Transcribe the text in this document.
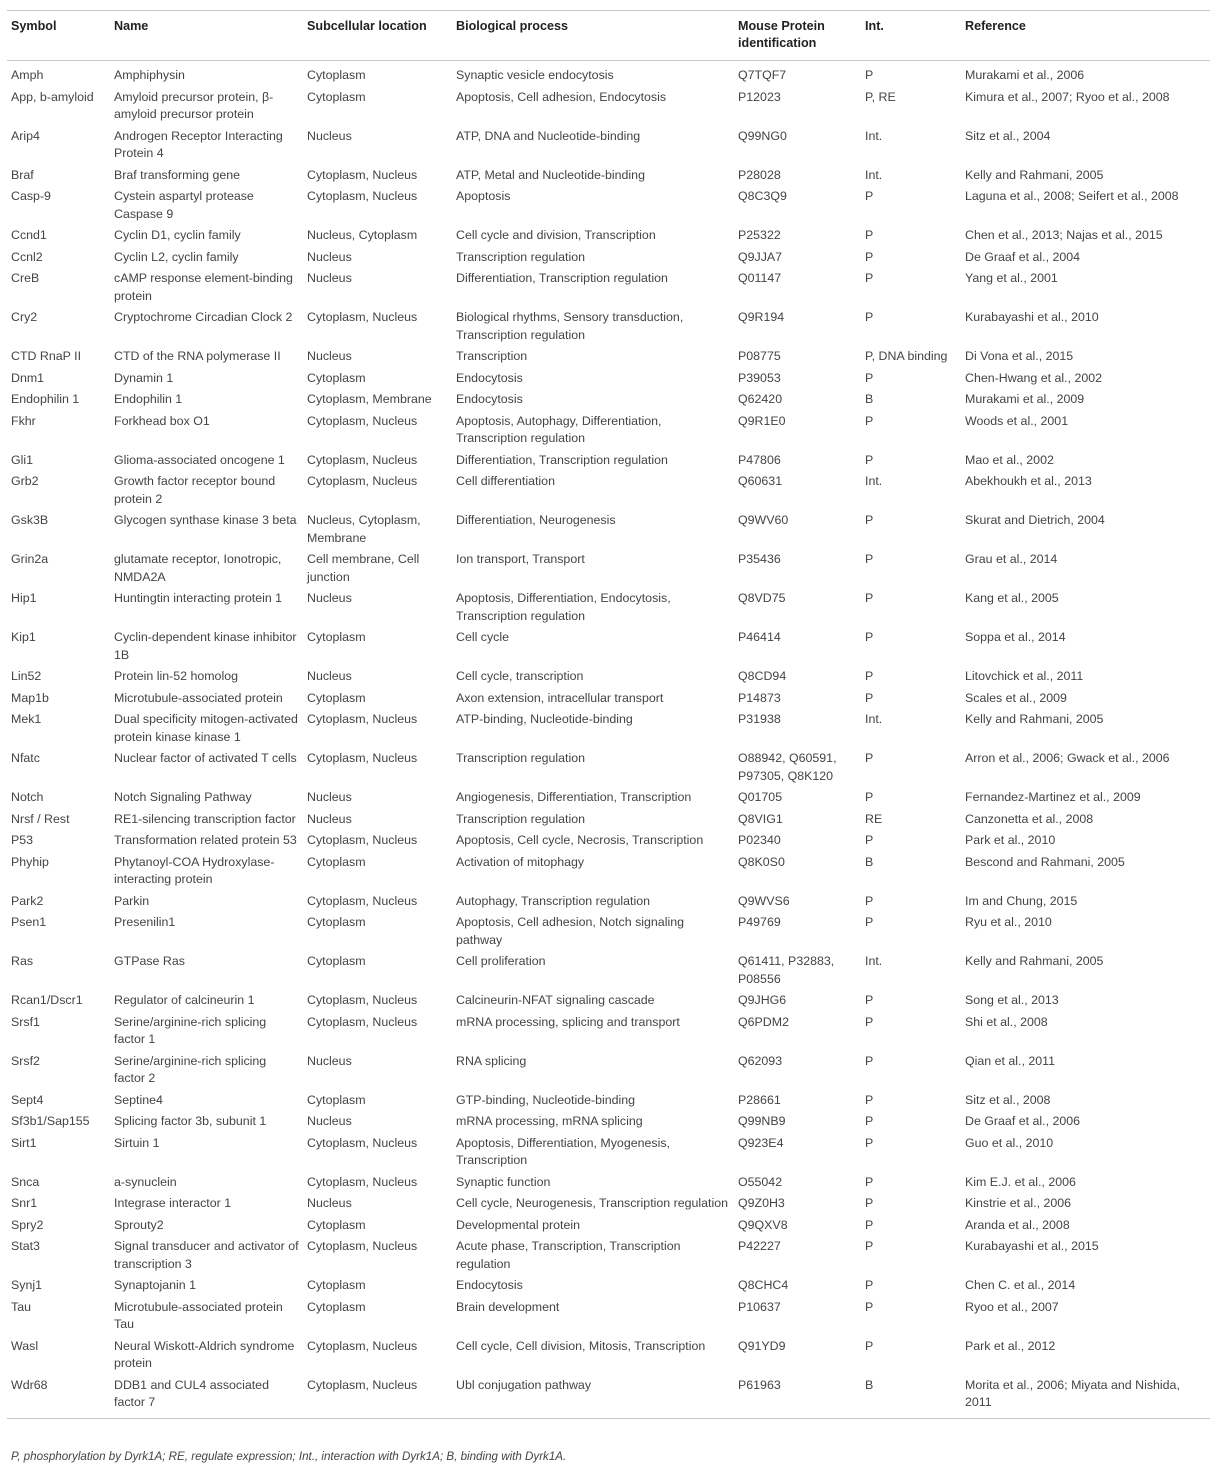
Symbol	Name	Subcellular location	Biological process	Mouse Protein identification	Int.	Reference
Amph	Amphiphysin	Cytoplasm	Synaptic vesicle endocytosis	Q7TQF7	P	Murakami et al., 2006
App, b-amyloid	Amyloid precursor protein, β-amyloid precursor protein	Cytoplasm	Apoptosis, Cell adhesion, Endocytosis	P12023	P, RE	Kimura et al., 2007; Ryoo et al., 2008
Arip4	Androgen Receptor Interacting Protein 4	Nucleus	ATP, DNA and Nucleotide-binding	Q99NG0	Int.	Sitz et al., 2004
Braf	Braf transforming gene	Cytoplasm, Nucleus	ATP, Metal and Nucleotide-binding	P28028	Int.	Kelly and Rahmani, 2005
Casp-9	Cystein aspartyl protease Caspase 9	Cytoplasm, Nucleus	Apoptosis	Q8C3Q9	P	Laguna et al., 2008; Seifert et al., 2008
Ccnd1	Cyclin D1, cyclin family	Nucleus, Cytoplasm	Cell cycle and division, Transcription	P25322	P	Chen et al., 2013; Najas et al., 2015
Ccnl2	Cyclin L2, cyclin family	Nucleus	Transcription regulation	Q9JJA7	P	De Graaf et al., 2004
CreB	cAMP response element-binding protein	Nucleus	Differentiation, Transcription regulation	Q01147	P	Yang et al., 2001
Cry2	Cryptochrome Circadian Clock 2	Cytoplasm, Nucleus	Biological rhythms, Sensory transduction, Transcription regulation	Q9R194	P	Kurabayashi et al., 2010
CTD RnaP II	CTD of the RNA polymerase II	Nucleus	Transcription	P08775	P, DNA binding	Di Vona et al., 2015
Dnm1	Dynamin 1	Cytoplasm	Endocytosis	P39053	P	Chen-Hwang et al., 2002
Endophilin 1	Endophilin 1	Cytoplasm, Membrane	Endocytosis	Q62420	B	Murakami et al., 2009
Fkhr	Forkhead box O1	Cytoplasm, Nucleus	Apoptosis, Autophagy, Differentiation, Transcription regulation	Q9R1E0	P	Woods et al., 2001
Gli1	Glioma-associated oncogene 1	Cytoplasm, Nucleus	Differentiation, Transcription regulation	P47806	P	Mao et al., 2002
Grb2	Growth factor receptor bound protein 2	Cytoplasm, Nucleus	Cell differentiation	Q60631	Int.	Abekhoukh et al., 2013
Gsk3B	Glycogen synthase kinase 3 beta	Nucleus, Cytoplasm, Membrane	Differentiation, Neurogenesis	Q9WV60	P	Skurat and Dietrich, 2004
Grin2a	glutamate receptor, Ionotropic, NMDA2A	Cell membrane, Cell junction	Ion transport, Transport	P35436	P	Grau et al., 2014
Hip1	Huntingtin interacting protein 1	Nucleus	Apoptosis, Differentiation, Endocytosis, Transcription regulation	Q8VD75	P	Kang et al., 2005
Kip1	Cyclin-dependent kinase inhibitor 1B	Cytoplasm	Cell cycle	P46414	P	Soppa et al., 2014
Lin52	Protein lin-52 homolog	Nucleus	Cell cycle, transcription	Q8CD94	P	Litovchick et al., 2011
Map1b	Microtubule-associated protein	Cytoplasm	Axon extension, intracellular transport	P14873	P	Scales et al., 2009
Mek1	Dual specificity mitogen-activated protein kinase kinase 1	Cytoplasm, Nucleus	ATP-binding, Nucleotide-binding	P31938	Int.	Kelly and Rahmani, 2005
Nfatc	Nuclear factor of activated T cells	Cytoplasm, Nucleus	Transcription regulation	O88942, Q60591, P97305, Q8K120	P	Arron et al., 2006; Gwack et al., 2006
Notch	Notch Signaling Pathway	Nucleus	Angiogenesis, Differentiation, Transcription	Q01705	P	Fernandez-Martinez et al., 2009
Nrsf / Rest	RE1-silencing transcription factor	Nucleus	Transcription regulation	Q8VIG1	RE	Canzonetta et al., 2008
P53	Transformation related protein 53	Cytoplasm, Nucleus	Apoptosis, Cell cycle, Necrosis, Transcription	P02340	P	Park et al., 2010
Phyhip	Phytanoyl-COA Hydroxylase-interacting protein	Cytoplasm	Activation of mitophagy	Q8K0S0	B	Bescond and Rahmani, 2005
Park2	Parkin	Cytoplasm, Nucleus	Autophagy, Transcription regulation	Q9WVS6	P	Im and Chung, 2015
Psen1	Presenilin1	Cytoplasm	Apoptosis, Cell adhesion, Notch signaling pathway	P49769	P	Ryu et al., 2010
Ras	GTPase Ras	Cytoplasm	Cell proliferation	Q61411, P32883, P08556	Int.	Kelly and Rahmani, 2005
Rcan1/Dscr1	Regulator of calcineurin 1	Cytoplasm, Nucleus	Calcineurin-NFAT signaling cascade	Q9JHG6	P	Song et al., 2013
Srsf1	Serine/arginine-rich splicing factor 1	Cytoplasm, Nucleus	mRNA processing, splicing and transport	Q6PDM2	P	Shi et al., 2008
Srsf2	Serine/arginine-rich splicing factor 2	Nucleus	RNA splicing	Q62093	P	Qian et al., 2011
Sept4	Septine4	Cytoplasm	GTP-binding, Nucleotide-binding	P28661	P	Sitz et al., 2008
Sf3b1/Sap155	Splicing factor 3b, subunit 1	Nucleus	mRNA processing, mRNA splicing	Q99NB9	P	De Graaf et al., 2006
Sirt1	Sirtuin 1	Cytoplasm, Nucleus	Apoptosis, Differentiation, Myogenesis, Transcription	Q923E4	P	Guo et al., 2010
Snca	a-synuclein	Cytoplasm, Nucleus	Synaptic function	O55042	P	Kim E.J. et al., 2006
Snr1	Integrase interactor 1	Nucleus	Cell cycle, Neurogenesis, Transcription regulation	Q9Z0H3	P	Kinstrie et al., 2006
Spry2	Sprouty2	Cytoplasm	Developmental protein	Q9QXV8	P	Aranda et al., 2008
Stat3	Signal transducer and activator of transcription 3	Cytoplasm, Nucleus	Acute phase, Transcription, Transcription regulation	P42227	P	Kurabayashi et al., 2015
Synj1	Synaptojanin 1	Cytoplasm	Endocytosis	Q8CHC4	P	Chen C. et al., 2014
Tau	Microtubule-associated protein Tau	Cytoplasm	Brain development	P10637	P	Ryoo et al., 2007
Wasl	Neural Wiskott-Aldrich syndrome protein	Cytoplasm, Nucleus	Cell cycle, Cell division, Mitosis, Transcription	Q91YD9	P	Park et al., 2012
Wdr68	DDB1 and CUL4 associated factor 7	Cytoplasm, Nucleus	Ubl conjugation pathway	P61963	B	Morita et al., 2006; Miyata and Nishida, 2011
P, phosphorylation by Dyrk1A; RE, regulate expression; Int., interaction with Dyrk1A; B, binding with Dyrk1A.
